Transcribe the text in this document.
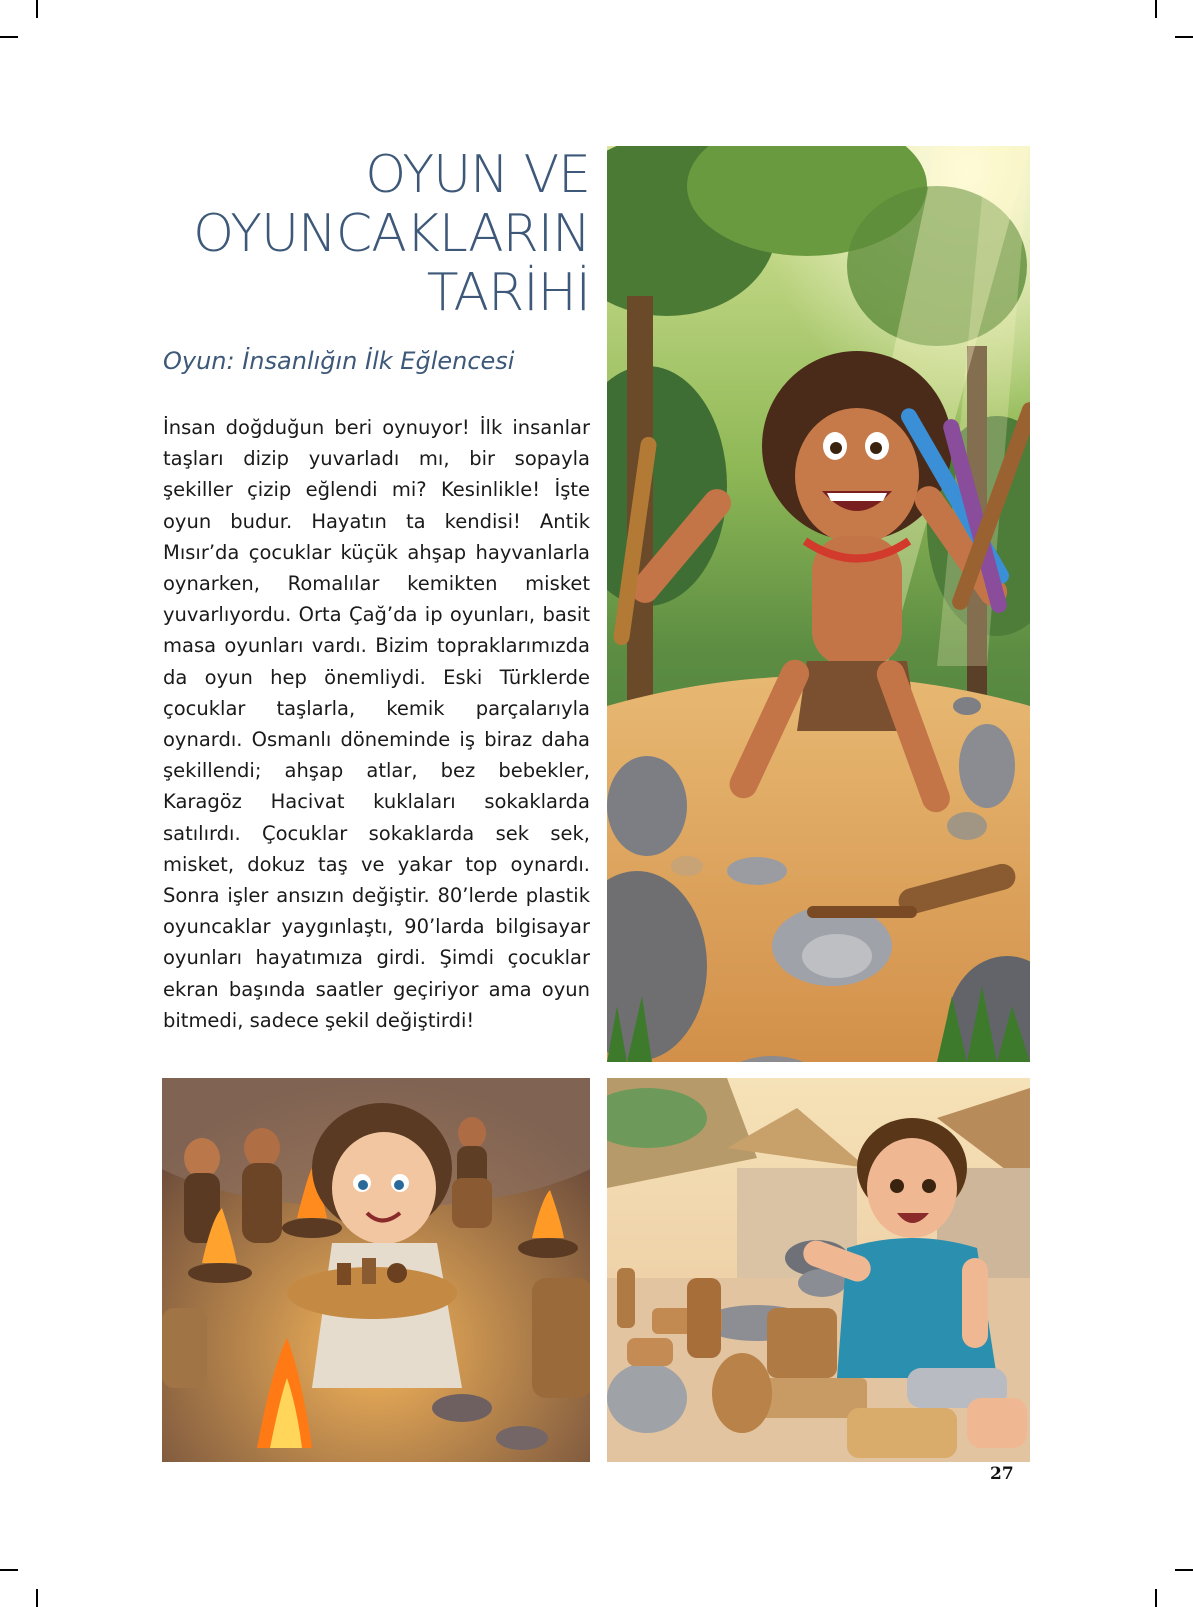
OYUN VE
OYUNCAKLARIN
TARİHİ
Oyun: İnsanlığın İlk Eğlencesi
İnsan doğduğun beri oynuyor! İlk insanlar taşları dizip yuvarladı mı, bir sopayla şekiller çizip eğlendi mi? Kesinlikle! İşte oyun budur. Hayatın ta kendisi! Antik Mısır’da çocuklar küçük ahşap hayvanlarla oynarken, Romalılar kemikten misket yuvarlıyordu. Orta Çağ’da ip oyunları, basit masa oyunları vardı. Bizim topraklarımızda da oyun hep önemliydi. Eski Türklerde çocuklar taşlarla, kemik parçalarıyla oynardı. Osmanlı döneminde iş biraz daha şekillendi; ahşap atlar, bez bebekler, Karagöz Hacivat kuklaları sokaklarda satılırdı. Çocuklar sokaklarda sek sek, misket, dokuz taş ve yakar top oynardı. Sonra işler ansızın değiştir. 80’lerde plastik oyuncaklar yaygınlaştı, 90’larda bilgisayar oyunları hayatımıza girdi. Şimdi çocuklar ekran başında saatler geçiriyor ama oyun bitmedi, sadece şekil değiştirdi!
27
